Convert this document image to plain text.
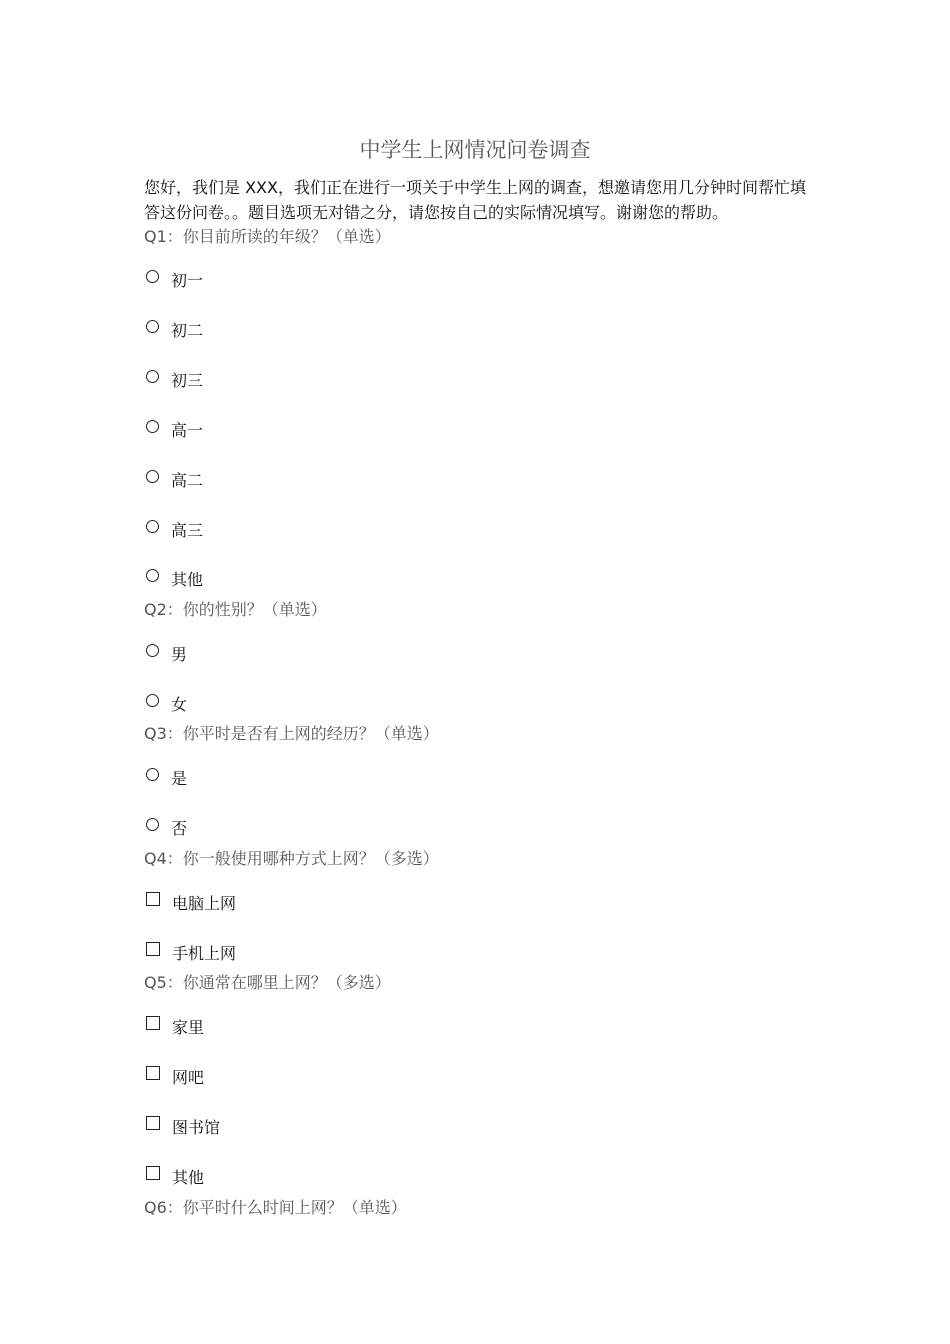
中学生上网情况问卷调查
您好，我们是 XXX，我们正在进行一项关于中学生上网的调查，想邀请您用几分钟时间帮忙填答这份问卷。。题目选项无对错之分，请您按自己的实际情况填写。谢谢您的帮助。
Q1：你目前所读的年级？（单选）
初一
初二
初三
高一
高二
高三
其他
Q2：你的性别？（单选）
男
女
Q3：你平时是否有上网的经历？（单选）
是
否
Q4：你一般使用哪种方式上网？（多选）
电脑上网
手机上网
Q5：你通常在哪里上网？（多选）
家里
网吧
图书馆
其他
Q6：你平时什么时间上网？（单选）
